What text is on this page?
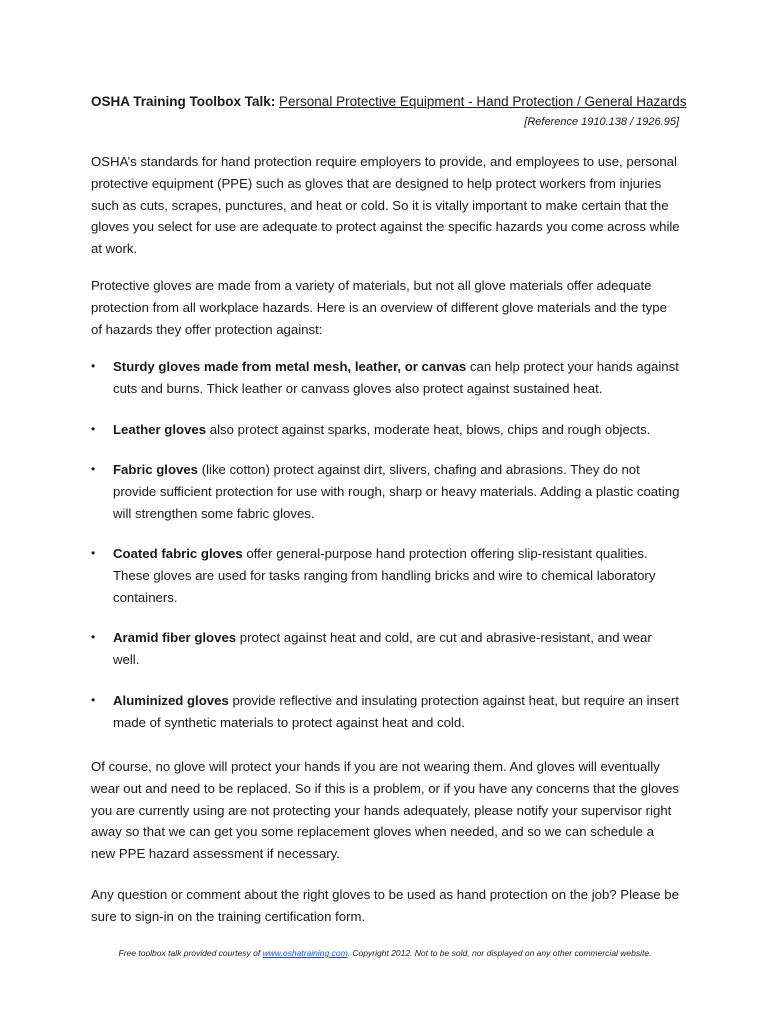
OSHA Training Toolbox Talk: Personal Protective Equipment - Hand Protection / General Hazards
[Reference 1910.138 / 1926.95]

OSHA’s standards for hand protection require employers to provide, and employees to use, personal protective equipment (PPE) such as gloves that are designed to help protect workers from injuries such as cuts, scrapes, punctures, and heat or cold. So it is vitally important to make certain that the gloves you select for use are adequate to protect against the specific hazards you come across while at work.

Protective gloves are made from a variety of materials, but not all glove materials offer adequate protection from all workplace hazards. Here is an overview of different glove materials and the type of hazards they offer protection against:

•	Sturdy gloves made from metal mesh, leather, or canvas can help protect your hands against cuts and burns. Thick leather or canvass gloves also protect against sustained heat.
•	Leather gloves also protect against sparks, moderate heat, blows, chips and rough objects.
•	Fabric gloves (like cotton) protect against dirt, slivers, chafing and abrasions. They do not provide sufficient protection for use with rough, sharp or heavy materials. Adding a plastic coating will strengthen some fabric gloves.
•	Coated fabric gloves offer general-purpose hand protection offering slip-resistant qualities. These gloves are used for tasks ranging from handling bricks and wire to chemical laboratory containers.
•	Aramid fiber gloves protect against heat and cold, are cut and abrasive-resistant, and wear well.
•	Aluminized gloves provide reflective and insulating protection against heat, but require an insert made of synthetic materials to protect against heat and cold.

Of course, no glove will protect your hands if you are not wearing them. And gloves will eventually wear out and need to be replaced. So if this is a problem, or if you have any concerns that the gloves you are currently using are not protecting your hands adequately, please notify your supervisor right away so that we can get you some replacement gloves when needed, and so we can schedule a new PPE hazard assessment if necessary.

Any question or comment about the right gloves to be used as hand protection on the job? Please be sure to sign-in on the training certification form.

Free toolbox talk provided courtesy of www.oshatraining.com. Copyright 2012. Not to be sold, nor displayed on any other commercial website.
